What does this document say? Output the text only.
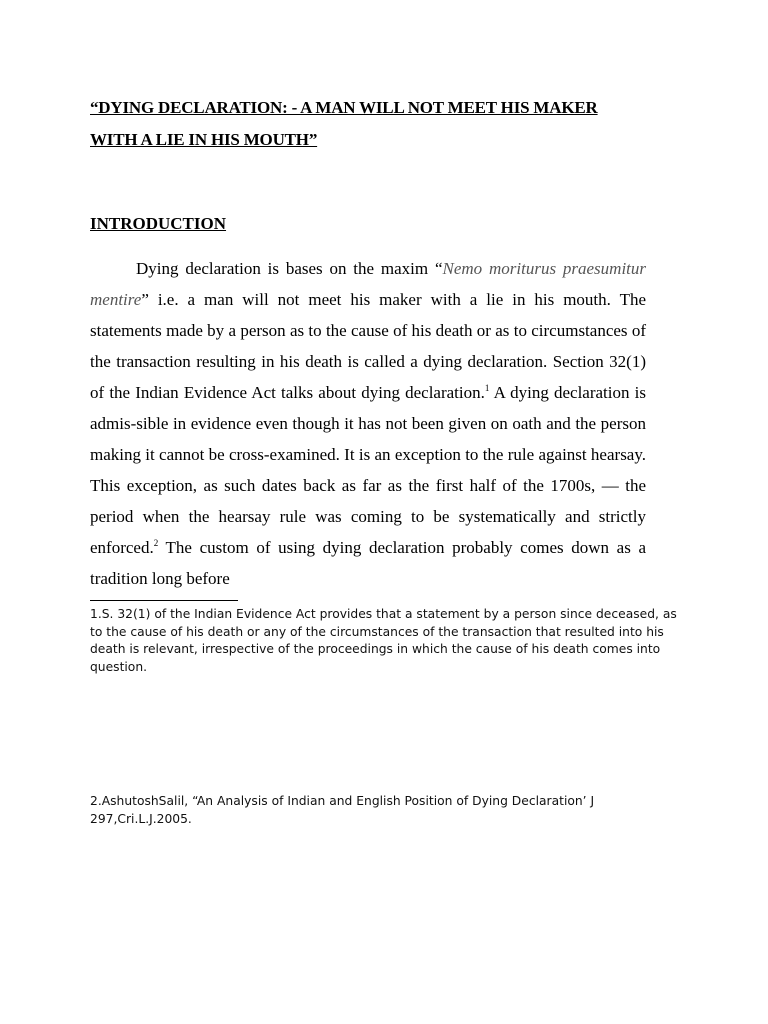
“DYING DECLARATION: - A MAN WILL NOT MEET HIS MAKER
WITH A LIE IN HIS MOUTH”
INTRODUCTION
Dying declaration is bases on the maxim “Nemo moriturus praesumitur mentire” i.e. a man will not meet his maker with a lie in his mouth. The statements made by a person as to the cause of his death or as to circumstances of the transaction resulting in his death is called a dying declaration. Section 32(1) of the Indian Evidence Act talks about dying declaration.$^1$ A dying declaration is admis-sible in evidence even though it has not been given on oath and the person making it cannot be cross-examined. It is an exception to the rule against hearsay. This exception, as such dates back as far as the first half of the 1700s, — the period when the hearsay rule was coming to be systematically and strictly enforced.$^2$ The custom of using dying declaration probably comes down as a tradition long before
1.S. 32(1) of the Indian Evidence Act provides that a statement by a person since deceased, as to the cause of his death or any of the circumstances of the transaction that resulted into his death is relevant, irrespective of the proceedings in which the cause of his death comes into question.
2.AshutoshSalil, “An Analysis of Indian and English Position of Dying Declaration’ J 297,Cri.L.J.2005.
